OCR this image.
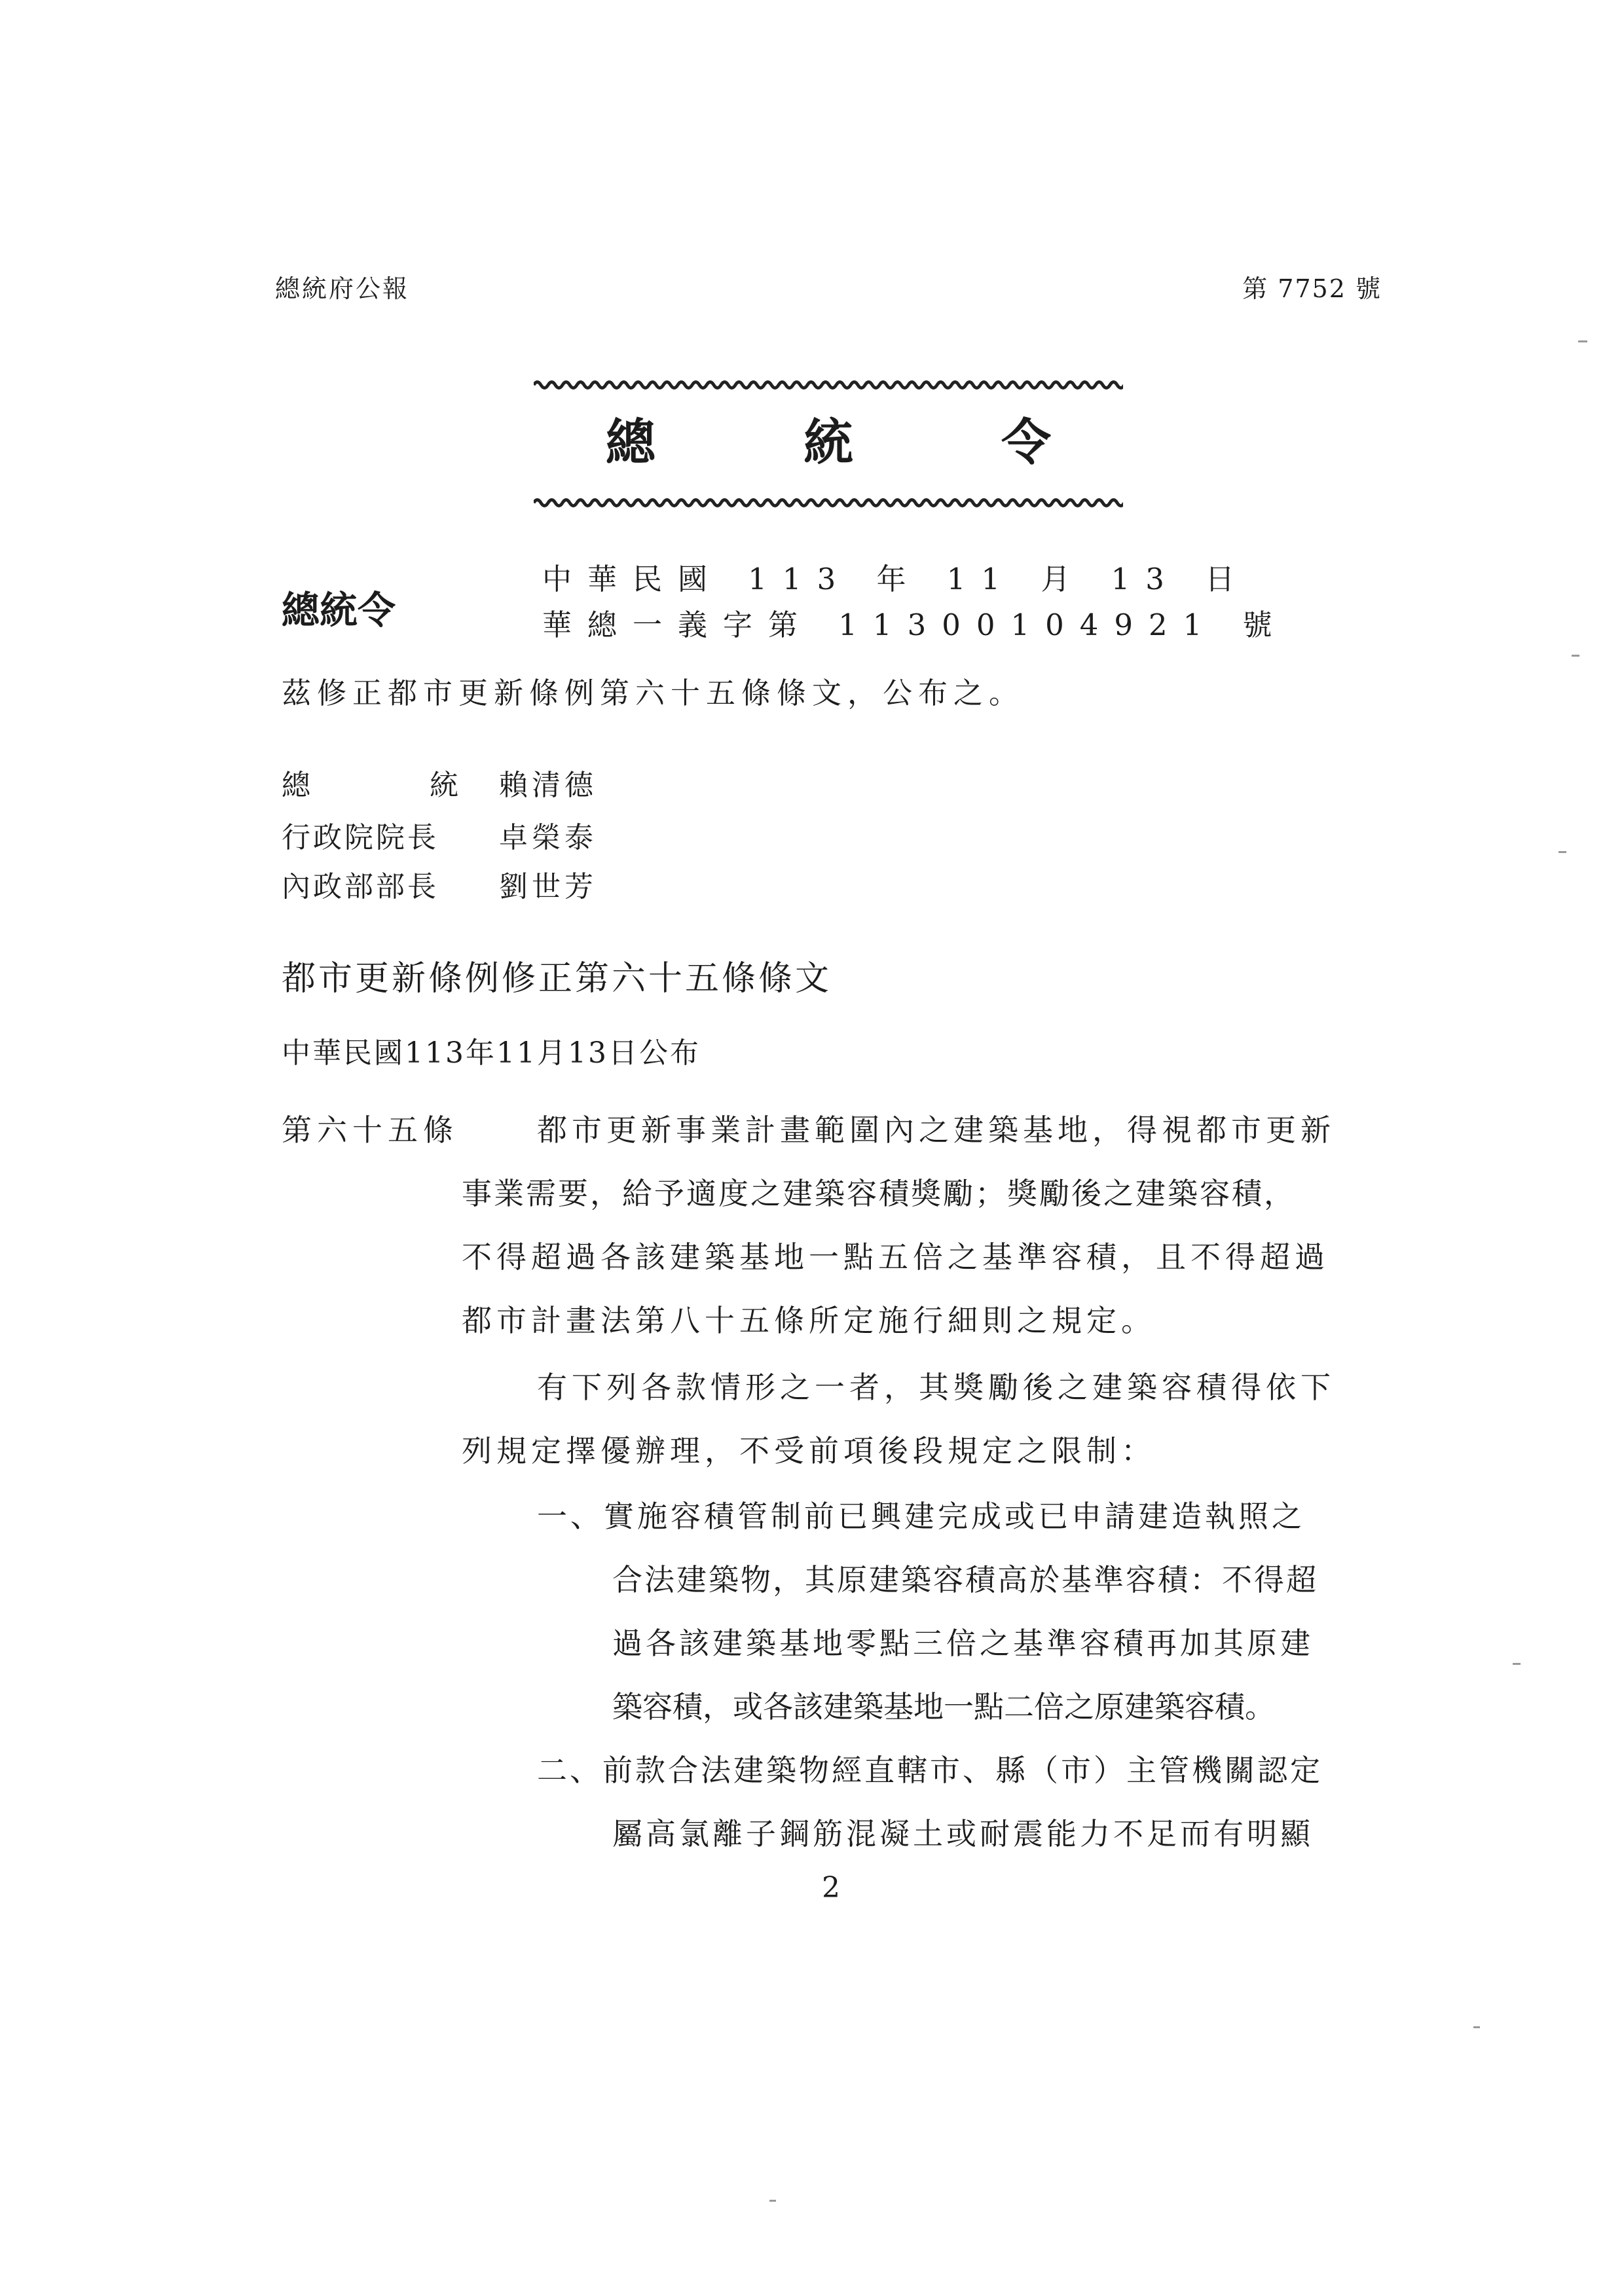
總統府公報	第 7752 號
總	統	令
總統令
中華民國 113 年 11 月 13 日
華總一義字第 11300104921 號
茲修正都市更新條例第六十五條條文，公布之。
總	統 賴清德
行政院院長 卓榮泰
內政部部長 劉世芳
都市更新條例修正第六十五條條文
中華民國113年11月13日公布
第六十五條	都市更新事業計畫範圍內之建築基地，得視都市更新
事業需要，給予適度之建築容積獎勵；獎勵後之建築容積，
不得超過各該建築基地一點五倍之基準容積，且不得超過
都市計畫法第八十五條所定施行細則之規定。
有下列各款情形之一者，其獎勵後之建築容積得依下
列規定擇優辦理，不受前項後段規定之限制：
一、實施容積管制前已興建完成或已申請建造執照之
合法建築物，其原建築容積高於基準容積：不得超
過各該建築基地零點三倍之基準容積再加其原建
築容積，或各該建築基地一點二倍之原建築容積。
二、前款合法建築物經直轄市、縣（市）主管機關認定
屬高氯離子鋼筋混凝土或耐震能力不足而有明顯
2
